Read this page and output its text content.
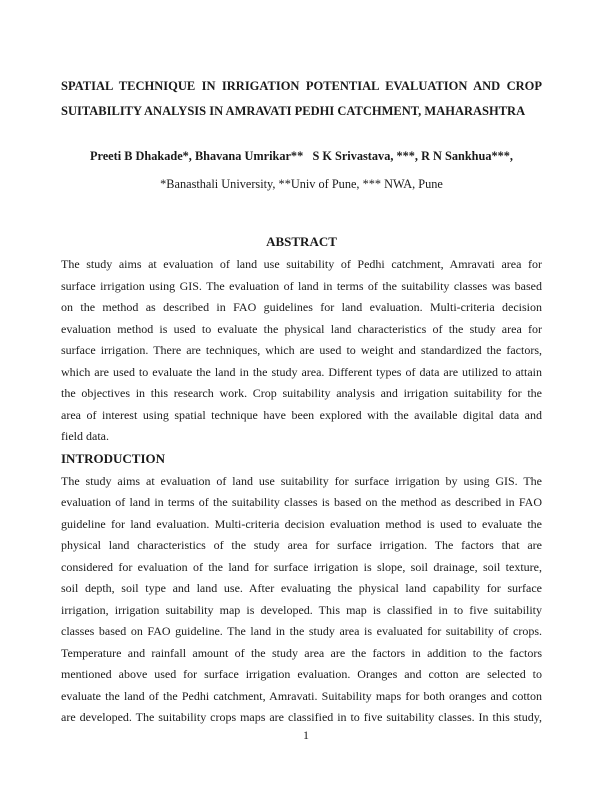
SPATIAL TECHNIQUE IN IRRIGATION POTENTIAL EVALUATION AND CROP
SUITABILITY ANALYSIS IN AMRAVATI PEDHI CATCHMENT, MAHARASHTRA

Preeti B Dhakade*, Bhavana Umrikar**   S K Srivastava, ***, R N Sankhua***,

*Banasthali University, **Univ of Pune, *** NWA, Pune

ABSTRACT
The study aims at evaluation of land use suitability of Pedhi catchment, Amravati area for
surface irrigation using GIS. The evaluation of land in terms of the suitability classes was based
on the method as described in FAO guidelines for land evaluation. Multi-criteria decision
evaluation method is used to evaluate the physical land characteristics of the study area for
surface irrigation. There are techniques, which are used to weight and standardized the factors,
which are used to evaluate the land in the study area. Different types of data are utilized to attain
the objectives in this research work. Crop suitability analysis and irrigation suitability for the
area of interest using spatial technique have been explored with the available digital data and
field data.
INTRODUCTION
The study aims at evaluation of land use suitability for surface irrigation by using GIS. The
evaluation of land in terms of the suitability classes is based on the method as described in FAO
guideline for land evaluation. Multi-criteria decision evaluation method is used to evaluate the
physical land characteristics of the study area for surface irrigation. The factors that are
considered for evaluation of the land for surface irrigation is slope, soil drainage, soil texture,
soil depth, soil type and land use. After evaluating the physical land capability for surface
irrigation, irrigation suitability map is developed. This map is classified in to five suitability
classes based on FAO guideline. The land in the study area is evaluated for suitability of crops.
Temperature and rainfall amount of the study area are the factors in addition to the factors
mentioned above used for surface irrigation evaluation. Oranges and cotton are selected to
evaluate the land of the Pedhi catchment, Amravati. Suitability maps for both oranges and cotton
are developed. The suitability crops maps are classified in to five suitability classes. In this study,
1
